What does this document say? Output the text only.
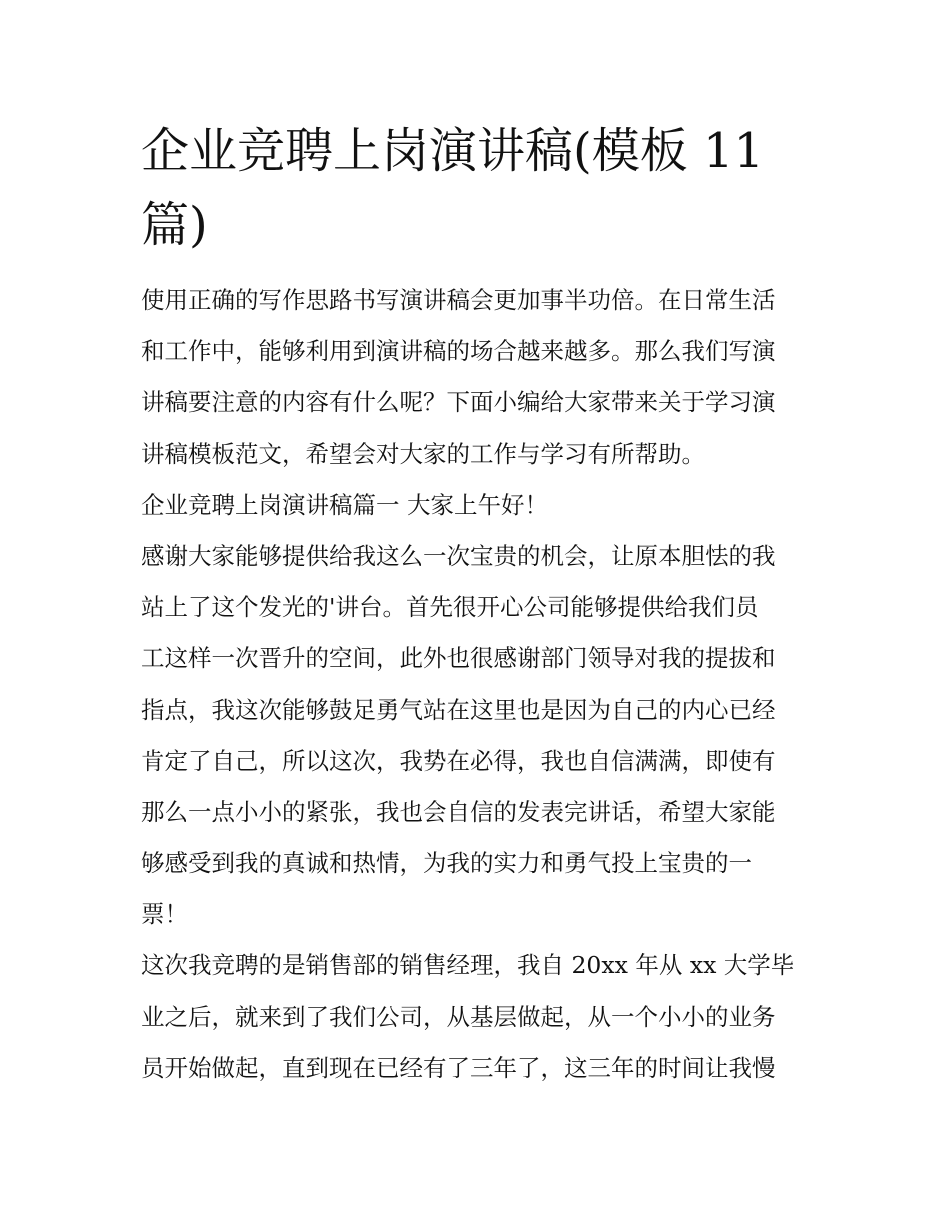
企业竞聘上岗演讲稿(模板 11
篇)

使用正确的写作思路书写演讲稿会更加事半功倍。在日常生活
和工作中，能够利用到演讲稿的场合越来越多。那么我们写演
讲稿要注意的内容有什么呢？下面小编给大家带来关于学习演
讲稿模板范文，希望会对大家的工作与学习有所帮助。

企业竞聘上岗演讲稿篇一 大家上午好！

感谢大家能够提供给我这么一次宝贵的机会，让原本胆怯的我
站上了这个发光的'讲台。首先很开心公司能够提供给我们员
工这样一次晋升的空间，此外也很感谢部门领导对我的提拔和
指点，我这次能够鼓足勇气站在这里也是因为自己的内心已经
肯定了自己，所以这次，我势在必得，我也自信满满，即使有
那么一点小小的紧张，我也会自信的发表完讲话，希望大家能
够感受到我的真诚和热情，为我的实力和勇气投上宝贵的一
票！

这次我竞聘的是销售部的销售经理，我自 20xx 年从 xx 大学毕
业之后，就来到了我们公司，从基层做起，从一个小小的业务
员开始做起，直到现在已经有了三年了，这三年的时间让我慢
